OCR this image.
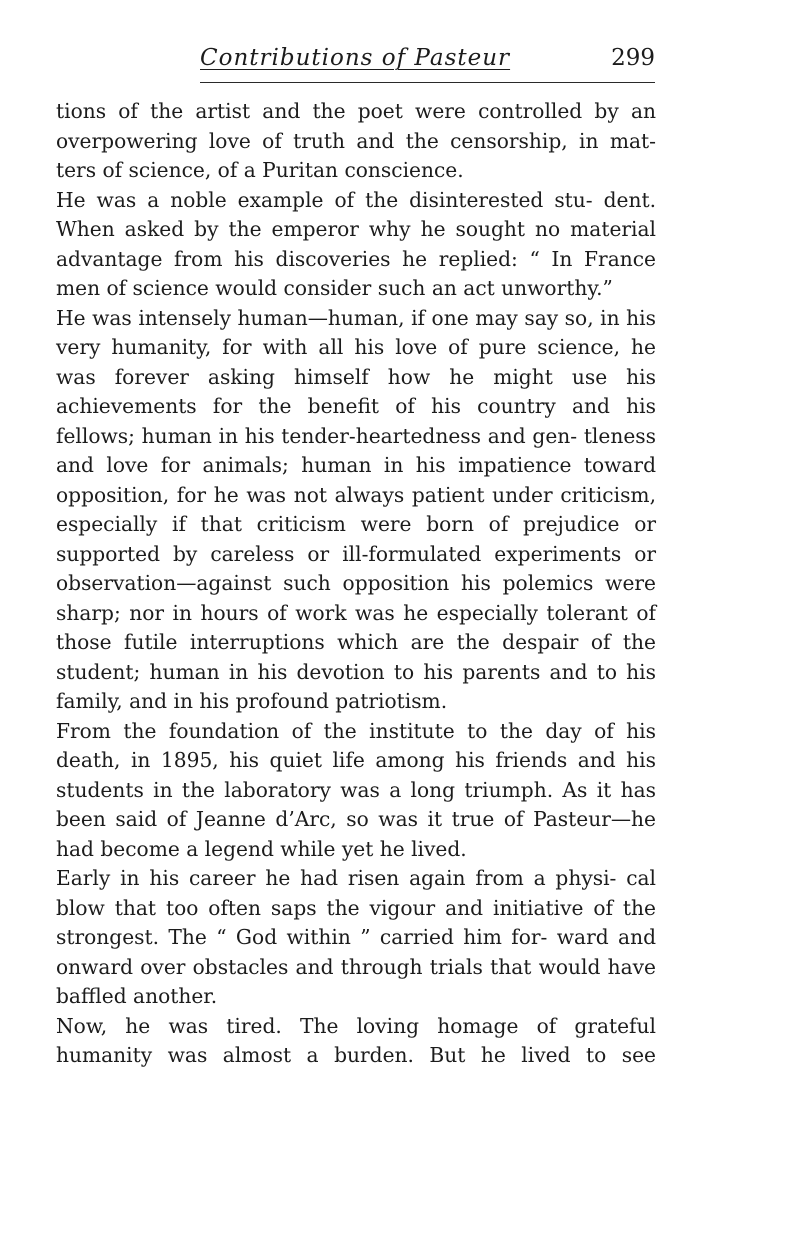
Contributions of Pasteur	299

tions of the artist and the poet were controlled by an overpowering love of truth and the censorship, in mat- ters of science, of a Puritan conscience.

He was a noble example of the disinterested stu- dent. When asked by the emperor why he sought no material advantage from his discoveries he replied: “ In France men of science would consider such an act unworthy.”

He was intensely human—human, if one may say so, in his very humanity, for with all his love of pure science, he was forever asking himself how he might use his achievements for the benefit of his country and his fellows; human in his tender-heartedness and gen- tleness and love for animals; human in his impatience toward opposition, for he was not always patient under criticism, especially if that criticism were born of prejudice or supported by careless or ill-formulated experiments or observation—against such opposition his polemics were sharp; nor in hours of work was he especially tolerant of those futile interruptions which are the despair of the student; human in his devotion to his parents and to his family, and in his profound patriotism.

From the foundation of the institute to the day of his death, in 1895, his quiet life among his friends and his students in the laboratory was a long triumph. As it has been said of Jeanne d’Arc, so was it true of Pasteur—he had become a legend while yet he lived.

Early in his career he had risen again from a physi- cal blow that too often saps the vigour and initiative of the strongest. The “ God within ” carried him for- ward and onward over obstacles and through trials that would have baffled another.

Now, he was tired. The loving homage of grateful humanity was almost a burden. But he lived to see
